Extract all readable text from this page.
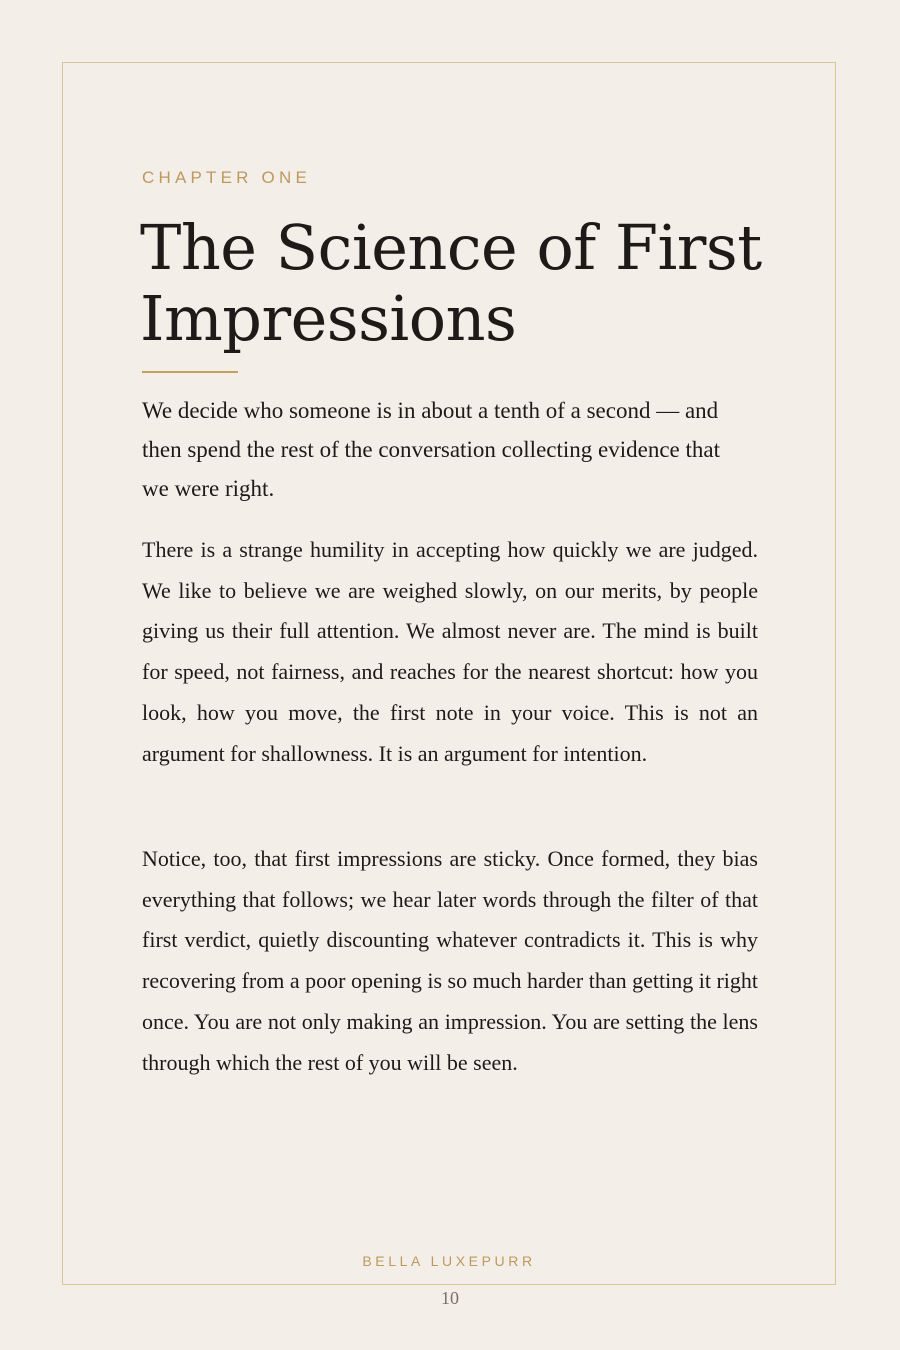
CHAPTER ONE
The Science of First
Impressions

We decide who someone is in about a tenth of a second — and then spend the rest of the conversation collecting evidence that we were right.

There is a strange humility in accepting how quickly we are judged. We like to believe we are weighed slowly, on our merits, by people giving us their full attention. We almost never are. The mind is built for speed, not fairness, and reaches for the nearest shortcut: how you look, how you move, the first note in your voice. This is not an argument for shallowness. It is an argument for intention.

Notice, too, that first impressions are sticky. Once formed, they bias everything that follows; we hear later words through the filter of that first verdict, quietly discounting whatever contradicts it. This is why recovering from a poor opening is so much harder than getting it right once. You are not only making an impression. You are setting the lens through which the rest of you will be seen.

BELLA LUXEPURR
10
